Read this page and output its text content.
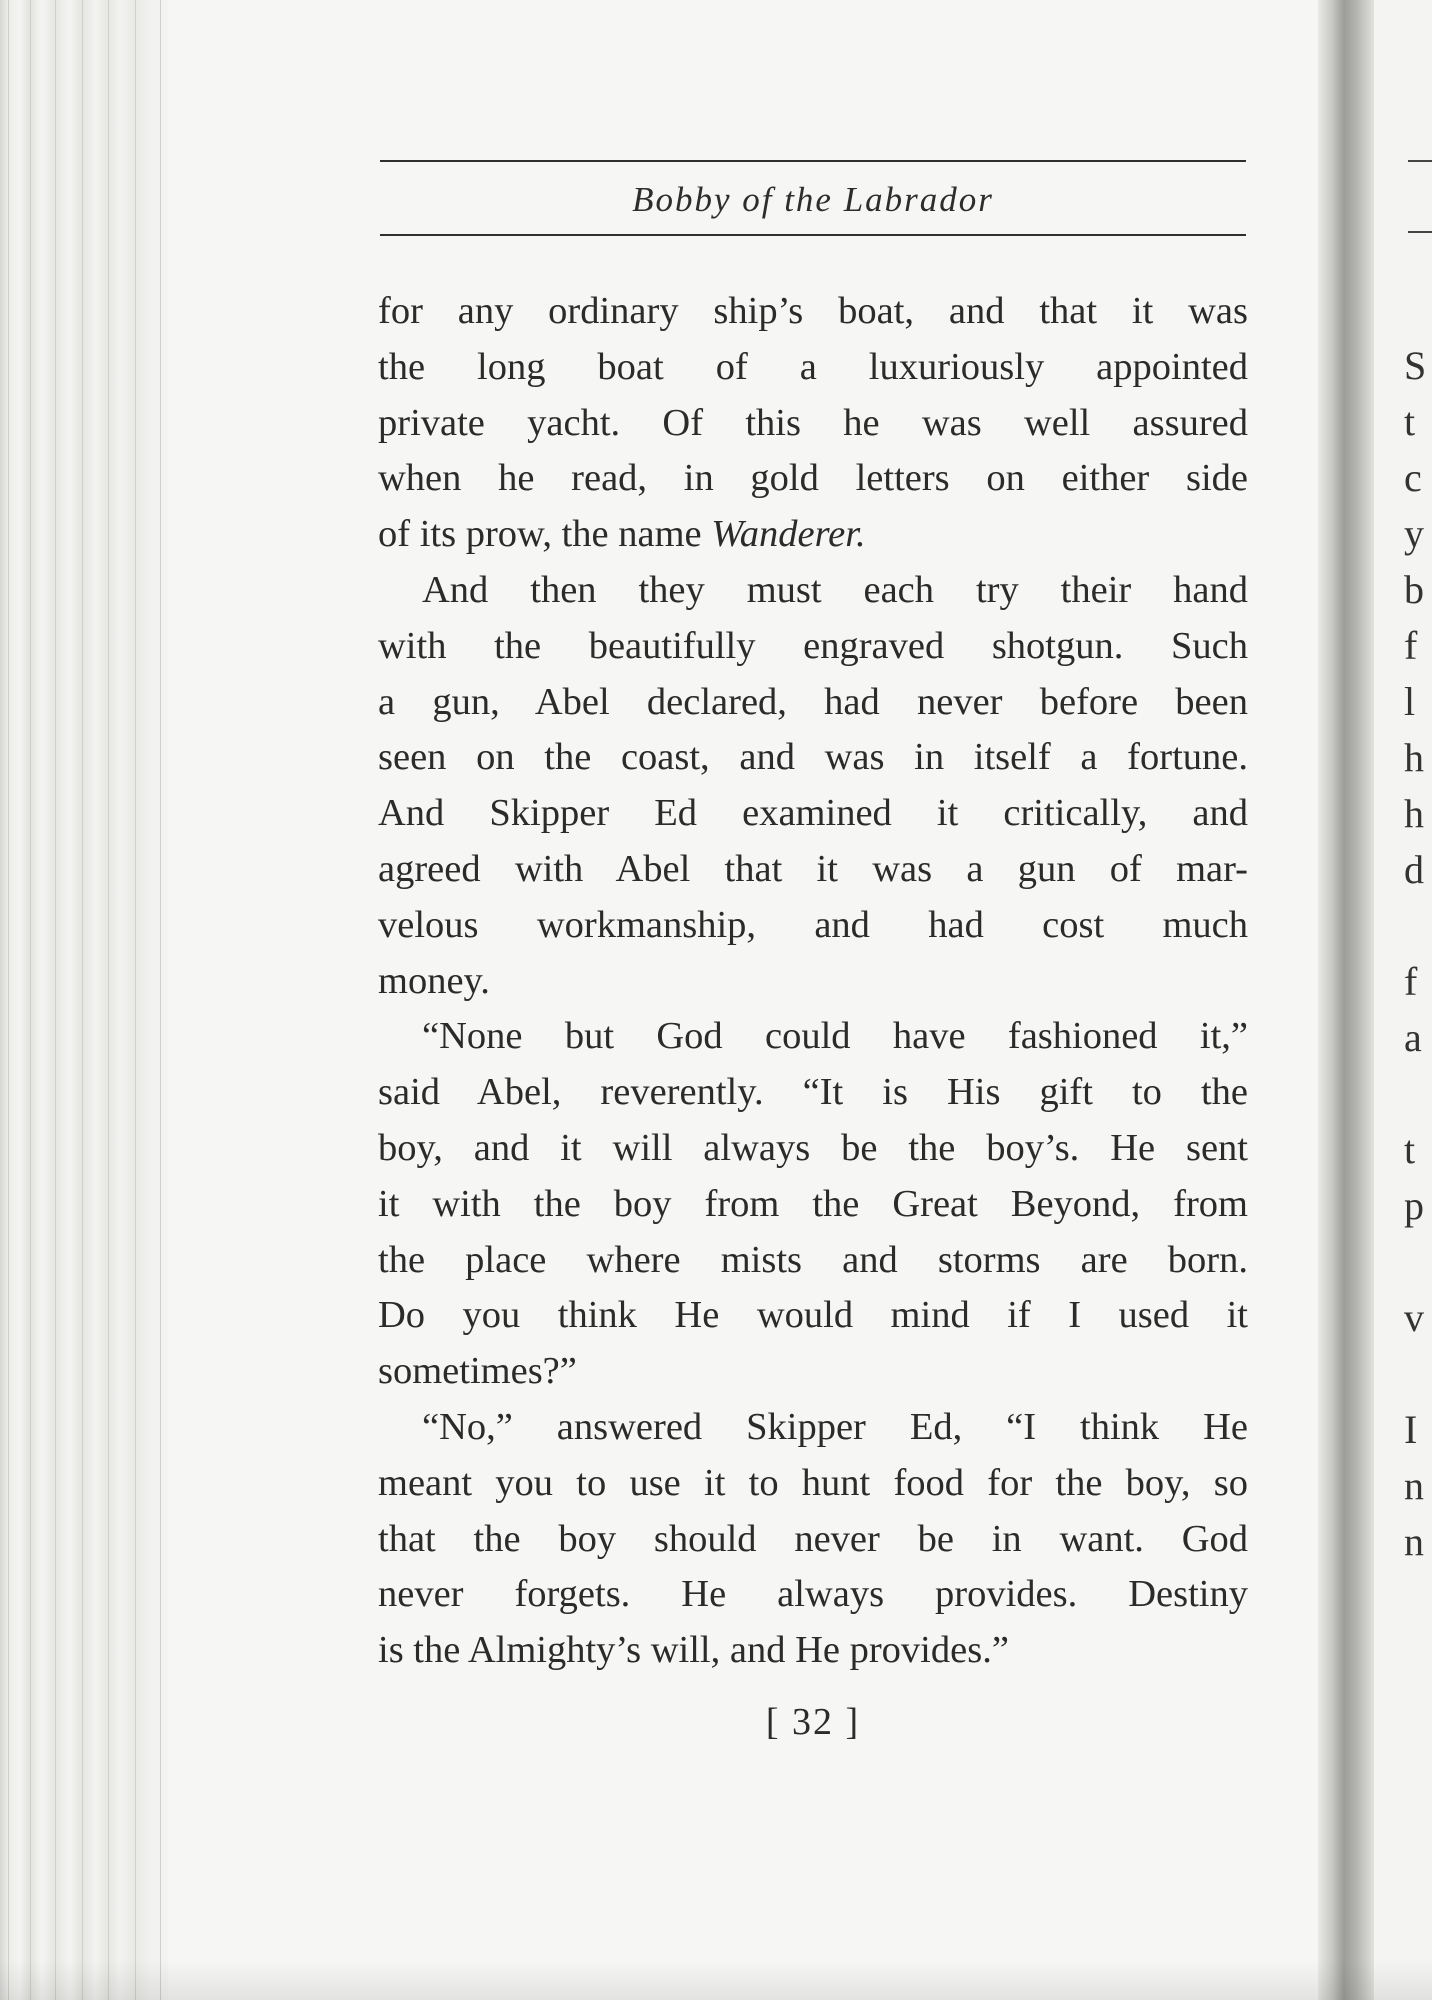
Bobby of the Labrador
for any ordinary ship’s boat, and that it was
the long boat of a luxuriously appointed
private yacht. Of this he was well assured
when he read, in gold letters on either side
of its prow, the name Wanderer.
And then they must each try their hand
with the beautifully engraved shotgun. Such
a gun, Abel declared, had never before been
seen on the coast, and was in itself a fortune.
And Skipper Ed examined it critically, and
agreed with Abel that it was a gun of mar-
velous workmanship, and had cost much
money.
“None but God could have fashioned it,”
said Abel, reverently. “It is His gift to the
boy, and it will always be the boy’s. He sent
it with the boy from the Great Beyond, from
the place where mists and storms are born.
Do you think He would mind if I used it
sometimes?”
“No,” answered Skipper Ed, “I think He
meant you to use it to hunt food for the boy, so
that the boy should never be in want. God
never forgets. He always provides. Destiny
is the Almighty’s will, and He provides.”
[ 32 ]
S
t
c
y
b
f
l
h
h
d
f
a
t
p
v
I
n
n
